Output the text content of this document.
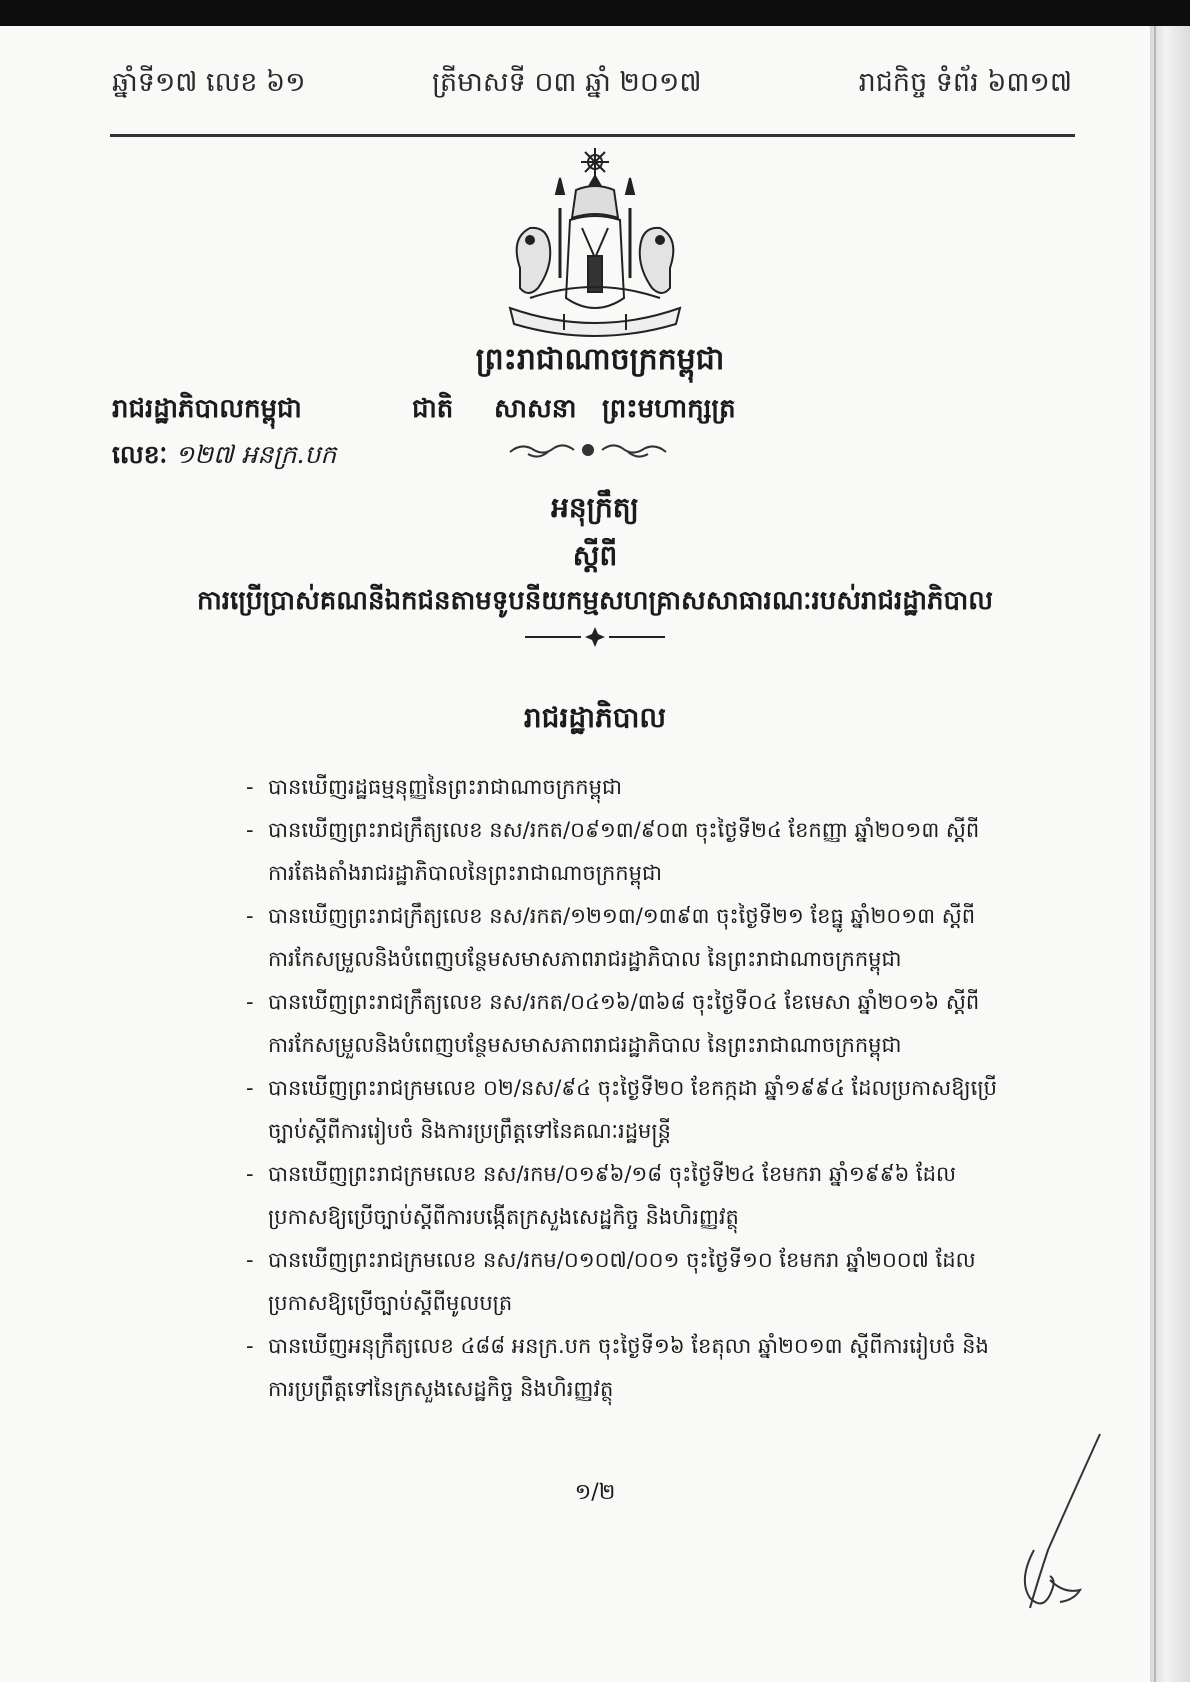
ឆ្នាំទី១៧ លេខ ៦១	ត្រីមាសទី ០៣ ឆ្នាំ ២០១៧	រាជកិច្ច ទំព័រ ៦៣១៧
ព្រះរាជាណាចក្រកម្ពុជា
ជាតិ សាសនា ព្រះមហាក្សត្រ
រាជរដ្ឋាភិបាលកម្ពុជា
លេខៈ ១២៧ អនក្រ.បក
អនុក្រឹត្យ
ស្តីពី
ការប្រើប្រាស់គណនីឯកជនតាមទូបនីយកម្មសហគ្រាសសាធារណៈរបស់រាជរដ្ឋាភិបាល
រាជរដ្ឋាភិបាល
- បានឃើញរដ្ឋធម្មនុញ្ញនៃព្រះរាជាណាចក្រកម្ពុជា
- បានឃើញព្រះរាជក្រឹត្យលេខ នស/រកត/០៩១៣/៩០៣ ចុះថ្ងៃទី២៤ ខែកញ្ញា ឆ្នាំ២០១៣ ស្តីពីការតែងតាំងរាជរដ្ឋាភិបាលនៃព្រះរាជាណាចក្រកម្ពុជា
- បានឃើញព្រះរាជក្រឹត្យលេខ នស/រកត/១២១៣/១៣៩៣ ចុះថ្ងៃទី២១ ខែធ្នូ ឆ្នាំ២០១៣ ស្តីពីការកែសម្រួលនិងបំពេញបន្ថែមសមាសភាពរាជរដ្ឋាភិបាល នៃព្រះរាជាណាចក្រកម្ពុជា
- បានឃើញព្រះរាជក្រឹត្យលេខ នស/រកត/០៤១៦/៣៦៨ ចុះថ្ងៃទី០៤ ខែមេសា ឆ្នាំ២០១៦ ស្តីពីការកែសម្រួលនិងបំពេញបន្ថែមសមាសភាពរាជរដ្ឋាភិបាល នៃព្រះរាជាណាចក្រកម្ពុជា
- បានឃើញព្រះរាជក្រមលេខ ០២/នស/៩៤ ចុះថ្ងៃទី២០ ខែកក្កដា ឆ្នាំ១៩៩៤ ដែលប្រកាសឱ្យប្រើច្បាប់ស្តីពីការរៀបចំ និងការប្រព្រឹត្តទៅនៃគណៈរដ្ឋមន្ត្រី
- បានឃើញព្រះរាជក្រមលេខ នស/រកម/០១៩៦/១៨ ចុះថ្ងៃទី២៤ ខែមករា ឆ្នាំ១៩៩៦ ដែលប្រកាសឱ្យប្រើច្បាប់ស្តីពីការបង្កើតក្រសួងសេដ្ឋកិច្ច និងហិរញ្ញវត្ថុ
- បានឃើញព្រះរាជក្រមលេខ នស/រកម/០១០៧/០០១ ចុះថ្ងៃទី១០ ខែមករា ឆ្នាំ២០០៧ ដែលប្រកាសឱ្យប្រើច្បាប់ស្តីពីមូលបត្រ
- បានឃើញអនុក្រឹត្យលេខ ៤៨៨ អនក្រ.បក ចុះថ្ងៃទី១៦ ខែតុលា ឆ្នាំ២០១៣ ស្តីពីការរៀបចំ និងការប្រព្រឹត្តទៅនៃក្រសួងសេដ្ឋកិច្ច និងហិរញ្ញវត្ថុ
១/២
